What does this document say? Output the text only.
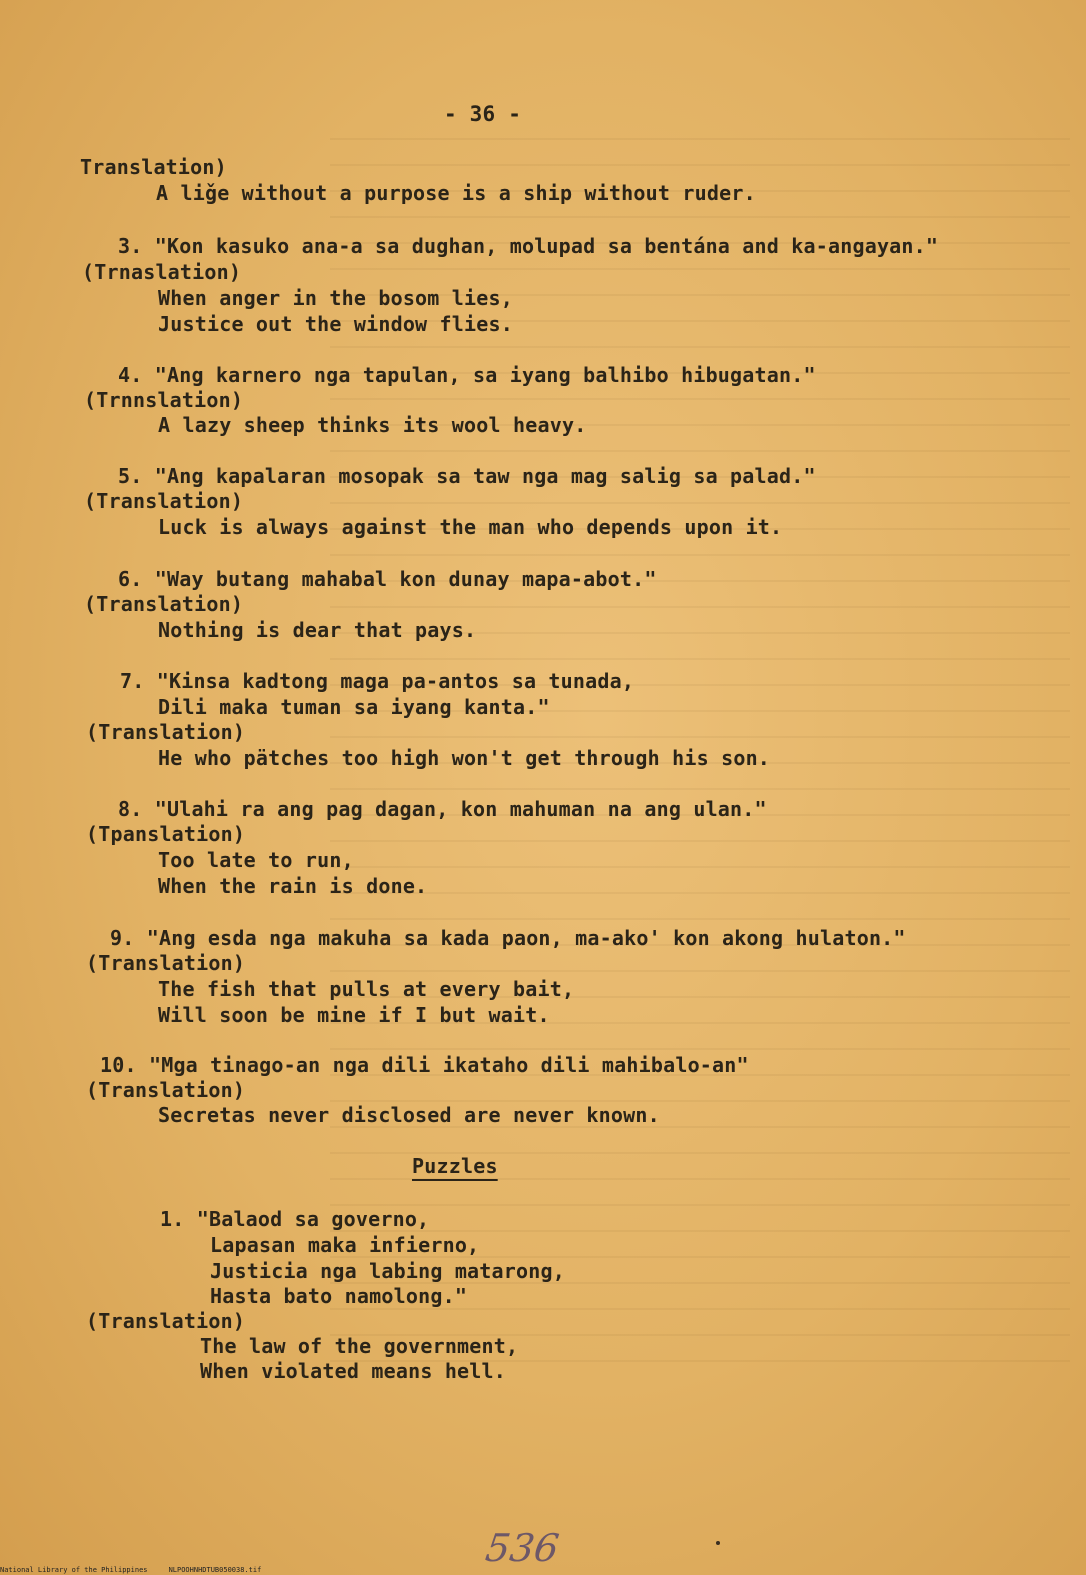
- 36 -
Translation)
A liǧe without a purpose is a ship without ruder.
3. "Kon kasuko ana-a sa dughan, molupad sa bentána and ka-angayan."
(Trnaslation)
When anger in the bosom lies,
Justice out the window flies.
4. "Ang karnero nga tapulan, sa iyang balhibo hibugatan."
(Trnnslation)
A lazy sheep thinks its wool heavy.
5. "Ang kapalaran mosopak sa taw nga mag salig sa palad."
(Translation)
Luck is always against the man who depends upon it.
6. "Way butang mahabal kon dunay mapa-abot."
(Translation)
Nothing is dear that pays.
7. "Kinsa kadtong maga pa-antos sa tunada,
Dili maka tuman sa iyang kanta."
(Translation)
He who pätches too high won't get through his son.
8. "Ulahi ra ang pag dagan, kon mahuman na ang ulan."
(Tpanslation)
Too late to run,
When the rain is done.
9. "Ang esda nga makuha sa kada paon, ma-ako' kon akong hulaton."
(Translation)
The fish that pulls at every bait,
Will soon be mine if I but wait.
10. "Mga tinago-an nga dili ikataho dili mahibalo-an"
(Translation)
Secretas never disclosed are never known.
Puzzles
1. "Balaod sa governo,
Lapasan maka infierno,
Justicia nga labing matarong,
Hasta bato namolong."
(Translation)
The law of the government,
When violated means hell.
536
National Library of the Philippines     NLPOOHNHDTUB050038.tif
